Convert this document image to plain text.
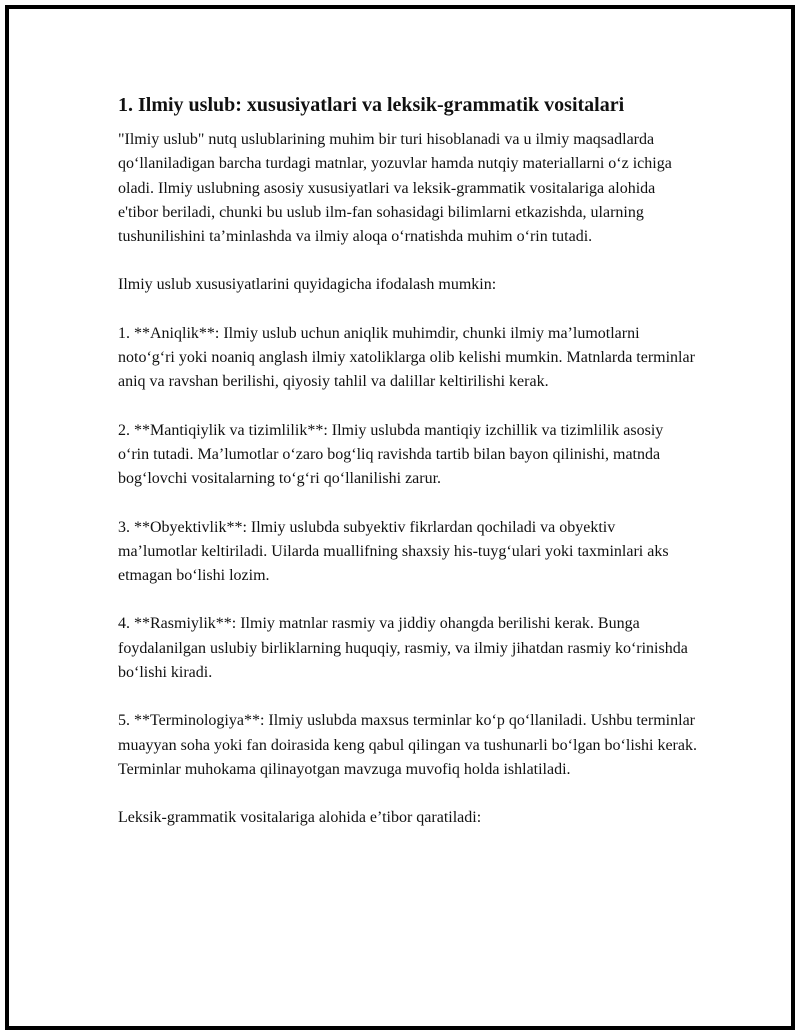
1. Ilmiy uslub: xususiyatlari va leksik-grammatik vositalari

"Ilmiy uslub" nutq uslublarining muhim bir turi hisoblanadi va u ilmiy maqsadlarda qo‘llaniladigan barcha turdagi matnlar, yozuvlar hamda nutqiy materiallarni o‘z ichiga oladi. Ilmiy uslubning asosiy xususiyatlari va leksik-grammatik vositalariga alohida e'tibor beriladi, chunki bu uslub ilm-fan sohasidagi bilimlarni etkazishda, ularning tushunilishini ta’minlashda va ilmiy aloqa o‘rnatishda muhim o‘rin tutadi.

Ilmiy uslub xususiyatlarini quyidagicha ifodalash mumkin:

1. **Aniqlik**: Ilmiy uslub uchun aniqlik muhimdir, chunki ilmiy ma’lumotlarni noto‘g‘ri yoki noaniq anglash ilmiy xatoliklarga olib kelishi mumkin. Matnlarda terminlar aniq va ravshan berilishi, qiyosiy tahlil va dalillar keltirilishi kerak.

2. **Mantiqiylik va tizimlilik**: Ilmiy uslubda mantiqiy izchillik va tizimlilik asosiy o‘rin tutadi. Ma’lumotlar o‘zaro bog‘liq ravishda tartib bilan bayon qilinishi, matnda bog‘lovchi vositalarning to‘g‘ri qo‘llanilishi zarur.

3. **Obyektivlik**: Ilmiy uslubda subyektiv fikrlardan qochiladi va obyektiv ma’lumotlar keltiriladi. Uilarda muallifning shaxsiy his-tuyg‘ulari yoki taxminlari aks etmagan bo‘lishi lozim.

4. **Rasmiylik**: Ilmiy matnlar rasmiy va jiddiy ohangda berilishi kerak. Bunga foydalanilgan uslubiy birliklarning huquqiy, rasmiy, va ilmiy jihatdan rasmiy ko‘rinishda bo‘lishi kiradi.

5. **Terminologiya**: Ilmiy uslubda maxsus terminlar ko‘p qo‘llaniladi. Ushbu terminlar muayyan soha yoki fan doirasida keng qabul qilingan va tushunarli bo‘lgan bo‘lishi kerak. Terminlar muhokama qilinayotgan mavzuga muvofiq holda ishlatiladi.

Leksik-grammatik vositalariga alohida e’tibor qaratiladi:
